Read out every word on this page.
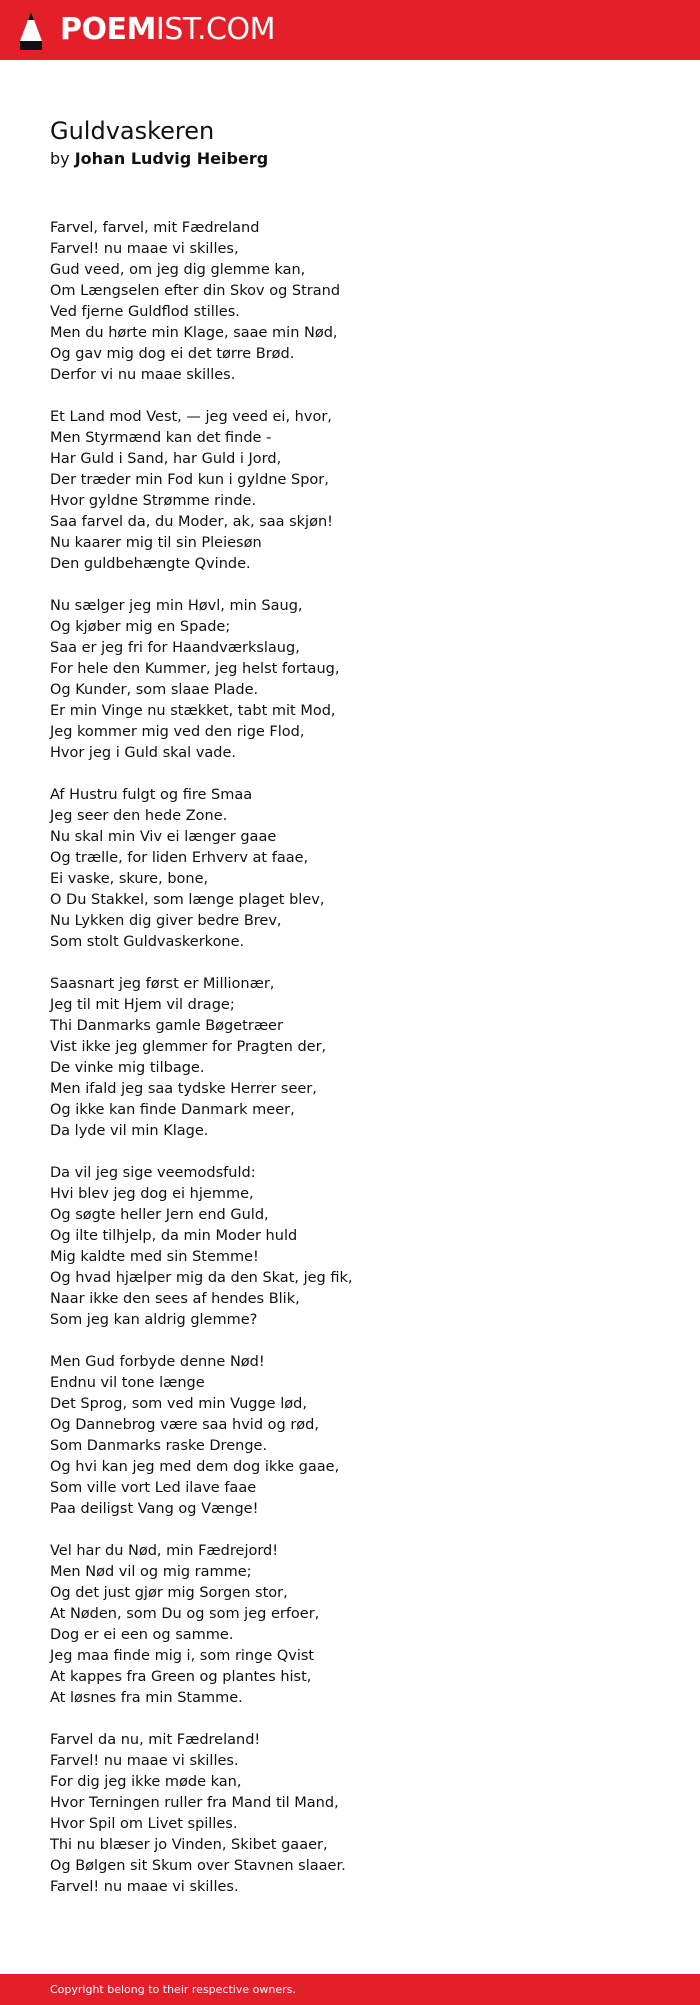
POEMIST.COM
Guldvaskeren
by Johan Ludvig Heiberg
Farvel, farvel, mit Fædreland
Farvel! nu maae vi skilles,
Gud veed, om jeg dig glemme kan,
Om Længselen efter din Skov og Strand
Ved fjerne Guldflod stilles.
Men du hørte min Klage, saae min Nød,
Og gav mig dog ei det tørre Brød.
Derfor vi nu maae skilles.
Et Land mod Vest, — jeg veed ei, hvor,
Men Styrmænd kan det finde -
Har Guld i Sand, har Guld i Jord,
Der træder min Fod kun i gyldne Spor,
Hvor gyldne Strømme rinde.
Saa farvel da, du Moder, ak, saa skjøn!
Nu kaarer mig til sin Pleiesøn
Den guldbehængte Qvinde.
Nu sælger jeg min Høvl, min Saug,
Og kjøber mig en Spade;
Saa er jeg fri for Haandværkslaug,
For hele den Kummer, jeg helst fortaug,
Og Kunder, som slaae Plade.
Er min Vinge nu stækket, tabt mit Mod,
Jeg kommer mig ved den rige Flod,
Hvor jeg i Guld skal vade.
Af Hustru fulgt og fire Smaa
Jeg seer den hede Zone.
Nu skal min Viv ei længer gaae
Og trælle, for liden Erhverv at faae,
Ei vaske, skure, bone,
O Du Stakkel, som længe plaget blev,
Nu Lykken dig giver bedre Brev,
Som stolt Guldvaskerkone.
Saasnart jeg først er Millionær,
Jeg til mit Hjem vil drage;
Thi Danmarks gamle Bøgetræer
Vist ikke jeg glemmer for Pragten der,
De vinke mig tilbage.
Men ifald jeg saa tydske Herrer seer,
Og ikke kan finde Danmark meer,
Da lyde vil min Klage.
Da vil jeg sige veemodsfuld:
Hvi blev jeg dog ei hjemme,
Og søgte heller Jern end Guld,
Og ilte tilhjelp, da min Moder huld
Mig kaldte med sin Stemme!
Og hvad hjælper mig da den Skat, jeg fik,
Naar ikke den sees af hendes Blik,
Som jeg kan aldrig glemme?
Men Gud forbyde denne Nød!
Endnu vil tone længe
Det Sprog, som ved min Vugge lød,
Og Dannebrog være saa hvid og rød,
Som Danmarks raske Drenge.
Og hvi kan jeg med dem dog ikke gaae,
Som ville vort Led ilave faae
Paa deiligst Vang og Vænge!
Vel har du Nød, min Fædrejord!
Men Nød vil og mig ramme;
Og det just gjør mig Sorgen stor,
At Nøden, som Du og som jeg erfoer,
Dog er ei een og samme.
Jeg maa finde mig i, som ringe Qvist
At kappes fra Green og plantes hist,
At løsnes fra min Stamme.
Farvel da nu, mit Fædreland!
Farvel! nu maae vi skilles.
For dig jeg ikke møde kan,
Hvor Terningen ruller fra Mand til Mand,
Hvor Spil om Livet spilles.
Thi nu blæser jo Vinden, Skibet gaaer,
Og Bølgen sit Skum over Stavnen slaaer.
Farvel! nu maae vi skilles.
Copyright belong to their respective owners.
